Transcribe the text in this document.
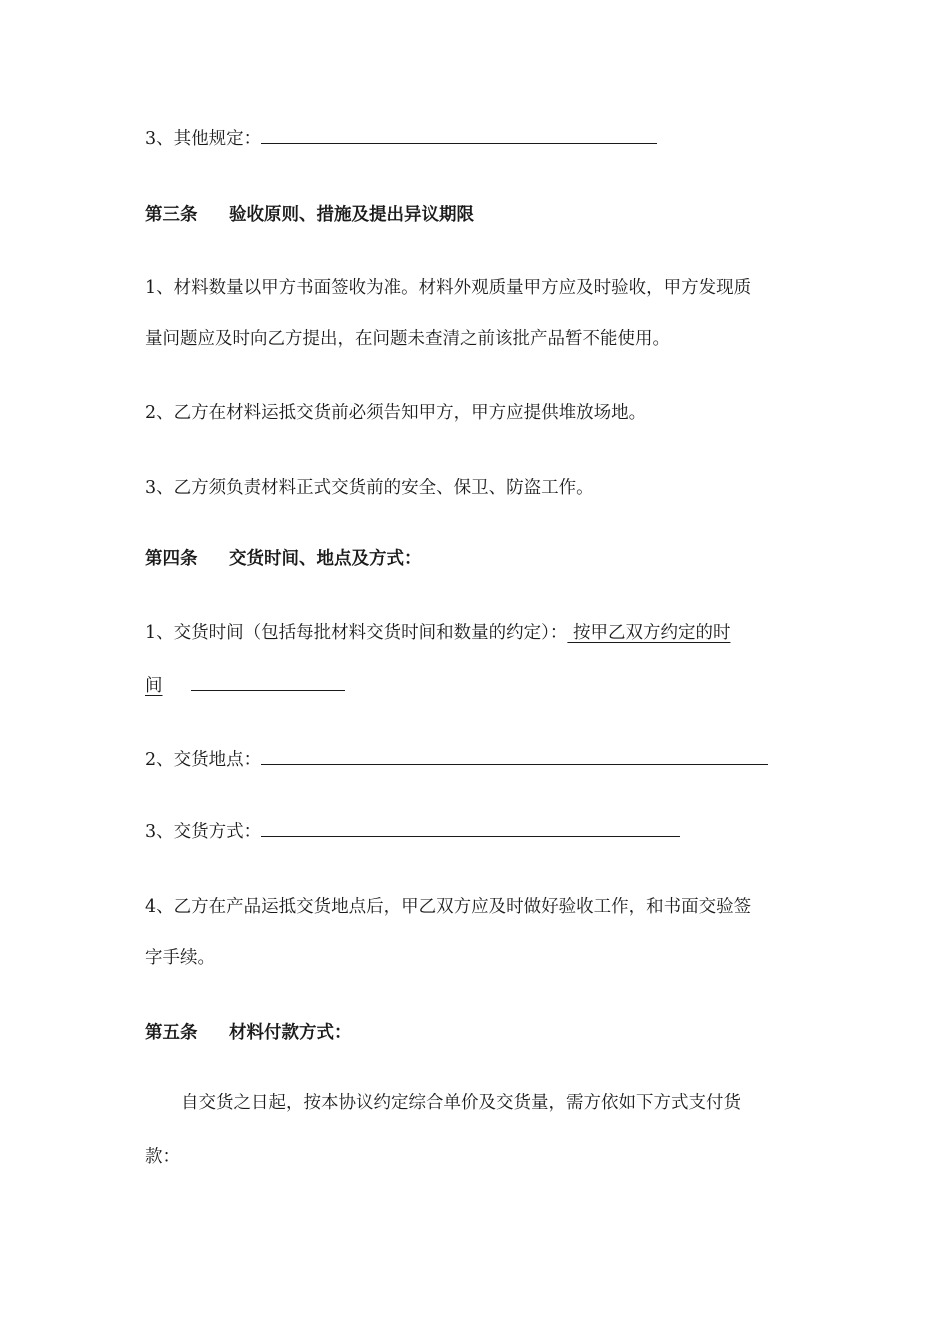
3、其他规定：
第三条 验收原则、措施及提出异议期限
1、材料数量以甲方书面签收为准。材料外观质量甲方应及时验收，甲方发现质
量问题应及时向乙方提出，在问题未查清之前该批产品暂不能使用。
2、乙方在材料运抵交货前必须告知甲方，甲方应提供堆放场地。
3、乙方须负责材料正式交货前的安全、保卫、防盗工作。
第四条 交货时间、地点及方式：
1、交货时间（包括每批材料交货时间和数量的约定）： 按甲乙双方约定的时
间
2、交货地点：
3、交货方式：
4、乙方在产品运抵交货地点后，甲乙双方应及时做好验收工作，和书面交验签
字手续。
第五条 材料付款方式：
自交货之日起，按本协议约定综合单价及交货量，需方依如下方式支付货
款：
